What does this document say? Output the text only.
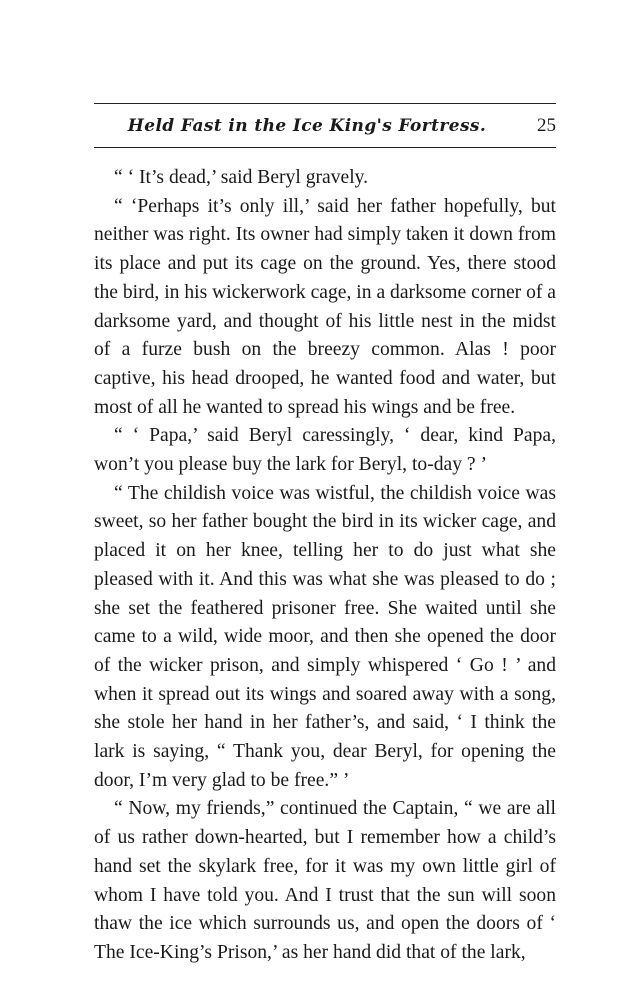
Held Fast in the Ice King's Fortress.	25

“ ‘ It’s dead,’ said Beryl gravely.

“ ‘Perhaps it’s only ill,’ said her father hopefully, but neither was right. Its owner had simply taken it down from its place and put its cage on the ground. Yes, there stood the bird, in his wickerwork cage, in a darksome corner of a darksome yard, and thought of his little nest in the midst of a furze bush on the breezy common. Alas ! poor captive, his head drooped, he wanted food and water, but most of all he wanted to spread his wings and be free.

“ ‘ Papa,’ said Beryl caressingly, ‘ dear, kind Papa, won’t you please buy the lark for Beryl, to-day ? ’

“ The childish voice was wistful, the childish voice was sweet, so her father bought the bird in its wicker cage, and placed it on her knee, telling her to do just what she pleased with it. And this was what she was pleased to do ; she set the feathered prisoner free. She waited until she came to a wild, wide moor, and then she opened the door of the wicker prison, and simply whispered ‘ Go ! ’ and when it spread out its wings and soared away with a song, she stole her hand in her father’s, and said, ‘ I think the lark is saying, “ Thank you, dear Beryl, for opening the door, I’m very glad to be free.” ’

“ Now, my friends,” continued the Captain, “ we are all of us rather down-hearted, but I remember how a child’s hand set the skylark free, for it was my own little girl of whom I have told you. And I trust that the sun will soon thaw the ice which surrounds us, and open the doors of ‘ The Ice-King’s Prison,’ as her hand did that of the lark,
